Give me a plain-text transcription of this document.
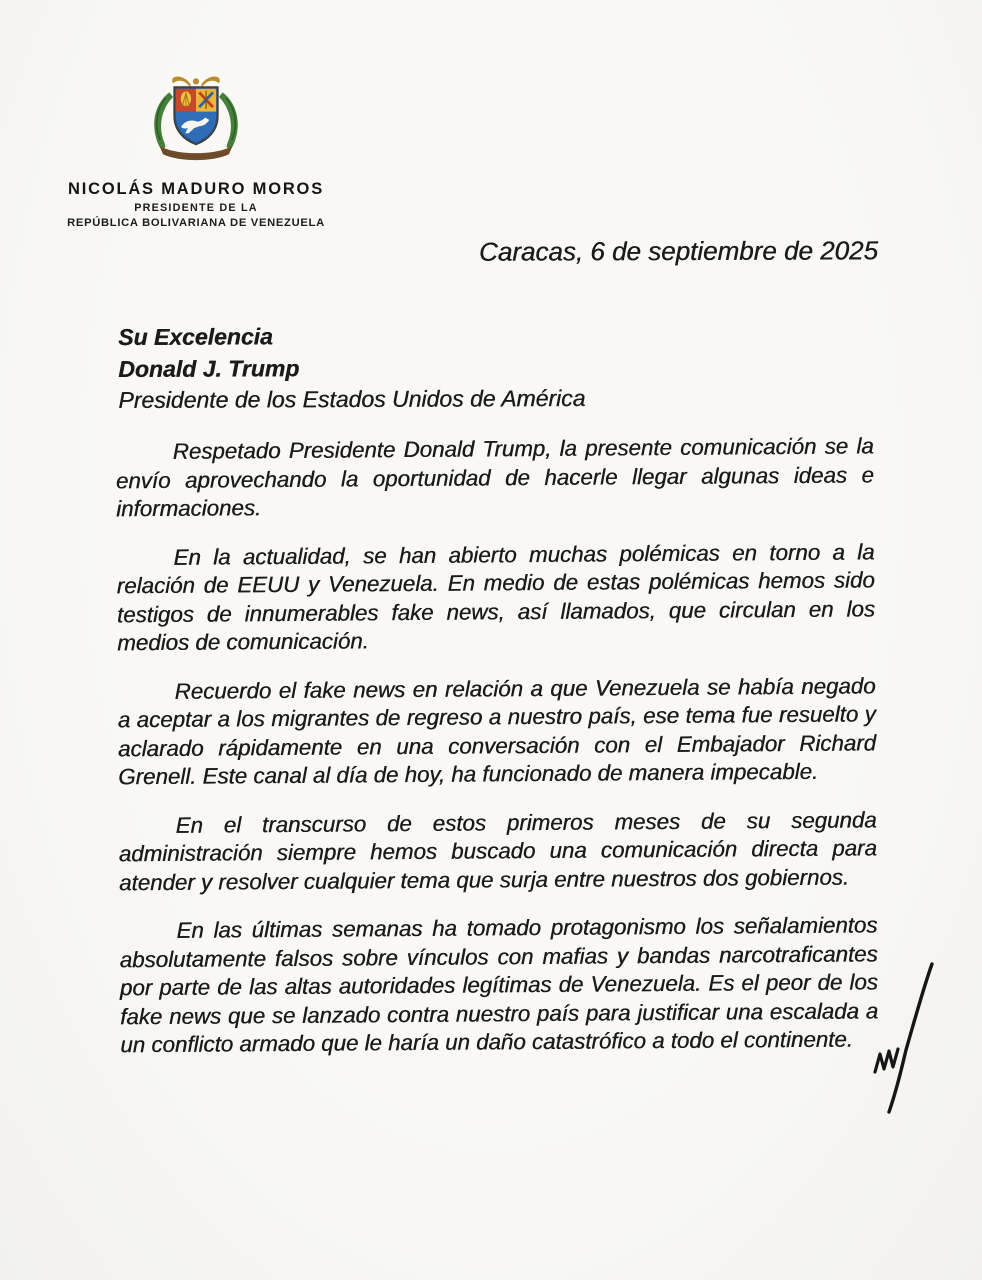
NICOLÁS MADURO MOROS
PRESIDENTE DE LA
REPÚBLICA BOLIVARIANA DE VENEZUELA
Caracas, 6 de septiembre de 2025
Su Excelencia
Donald J. Trump
Presidente de los Estados Unidos de América

Respetado Presidente Donald Trump, la presente comunicación se la envío aprovechando la oportunidad de hacerle llegar algunas ideas e informaciones.

En la actualidad, se han abierto muchas polémicas en torno a la relación de EEUU y Venezuela. En medio de estas polémicas hemos sido testigos de innumerables fake news, así llamados, que circulan en los medios de comunicación.

Recuerdo el fake news en relación a que Venezuela se había negado a aceptar a los migrantes de regreso a nuestro país, ese tema fue resuelto y aclarado rápidamente en una conversación con el Embajador Richard Grenell. Este canal al día de hoy, ha funcionado de manera impecable.

En el transcurso de estos primeros meses de su segunda administración siempre hemos buscado una comunicación directa para atender y resolver cualquier tema que surja entre nuestros dos gobiernos.

En las últimas semanas ha tomado protagonismo los señalamientos absolutamente falsos sobre vínculos con mafias y bandas narcotraficantes por parte de las altas autoridades legítimas de Venezuela. Es el peor de los fake news que se lanzado contra nuestro país para justificar una escalada a un conflicto armado que le haría un daño catastrófico a todo el continente.
